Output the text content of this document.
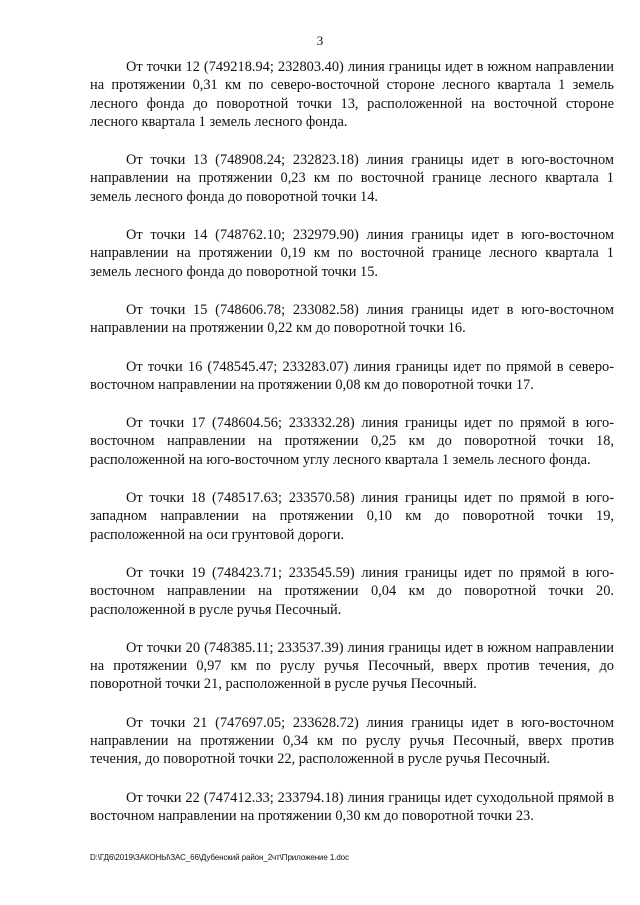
3

От точки 12 (749218.94; 232803.40) линия границы идет в южном направлении на протяжении 0,31 км по северо-восточной стороне лесного квартала 1 земель лесного фонда до поворотной точки 13, расположенной на восточной стороне лесного квартала 1 земель лесного фонда.

От точки 13 (748908.24; 232823.18) линия границы идет в юго-восточном направлении на протяжении 0,23 км по восточной границе лесного квартала 1 земель лесного фонда до поворотной точки 14.

От точки 14 (748762.10; 232979.90) линия границы идет в юго-восточном направлении на протяжении 0,19 км по восточной границе лесного квартала 1 земель лесного фонда до поворотной точки 15.

От точки 15 (748606.78; 233082.58) линия границы идет в юго-восточном направлении на протяжении 0,22 км до поворотной точки 16.

От точки 16 (748545.47; 233283.07) линия границы идет по прямой в северо-восточном направлении на протяжении 0,08 км до поворотной точки 17.

От точки 17 (748604.56; 233332.28) линия границы идет по прямой в юго-восточном направлении на протяжении 0,25 км до поворотной точки 18, расположенной на юго-восточном углу лесного квартала 1 земель лесного фонда.

От точки 18 (748517.63; 233570.58) линия границы идет по прямой в юго-западном направлении на протяжении 0,10 км до поворотной точки 19, расположенной на оси грунтовой дороги.

От точки 19 (748423.71; 233545.59) линия границы идет по прямой в юго-восточном направлении на протяжении 0,04 км до поворотной точки 20. расположенной в русле ручья Песочный.

От точки 20 (748385.11; 233537.39) линия границы идет в южном направлении на протяжении 0,97 км по руслу ручья Песочный, вверх против течения, до поворотной точки 21, расположенной в русле ручья Песочный.

От точки 21 (747697.05; 233628.72) линия границы идет в юго-восточном направлении на протяжении 0,34 км по руслу ручья Песочный, вверх против течения, до поворотной точки 22, расположенной в русле ручья Песочный.

От точки 22 (747412.33; 233794.18) линия границы идет суходольной прямой в восточном направлении на протяжении 0,30 км до поворотной точки 23.

D:\ГД6\2019\ЗАКОНЫ\ЗАС_66\Дубенский район_2чт\Приложение 1.doc
